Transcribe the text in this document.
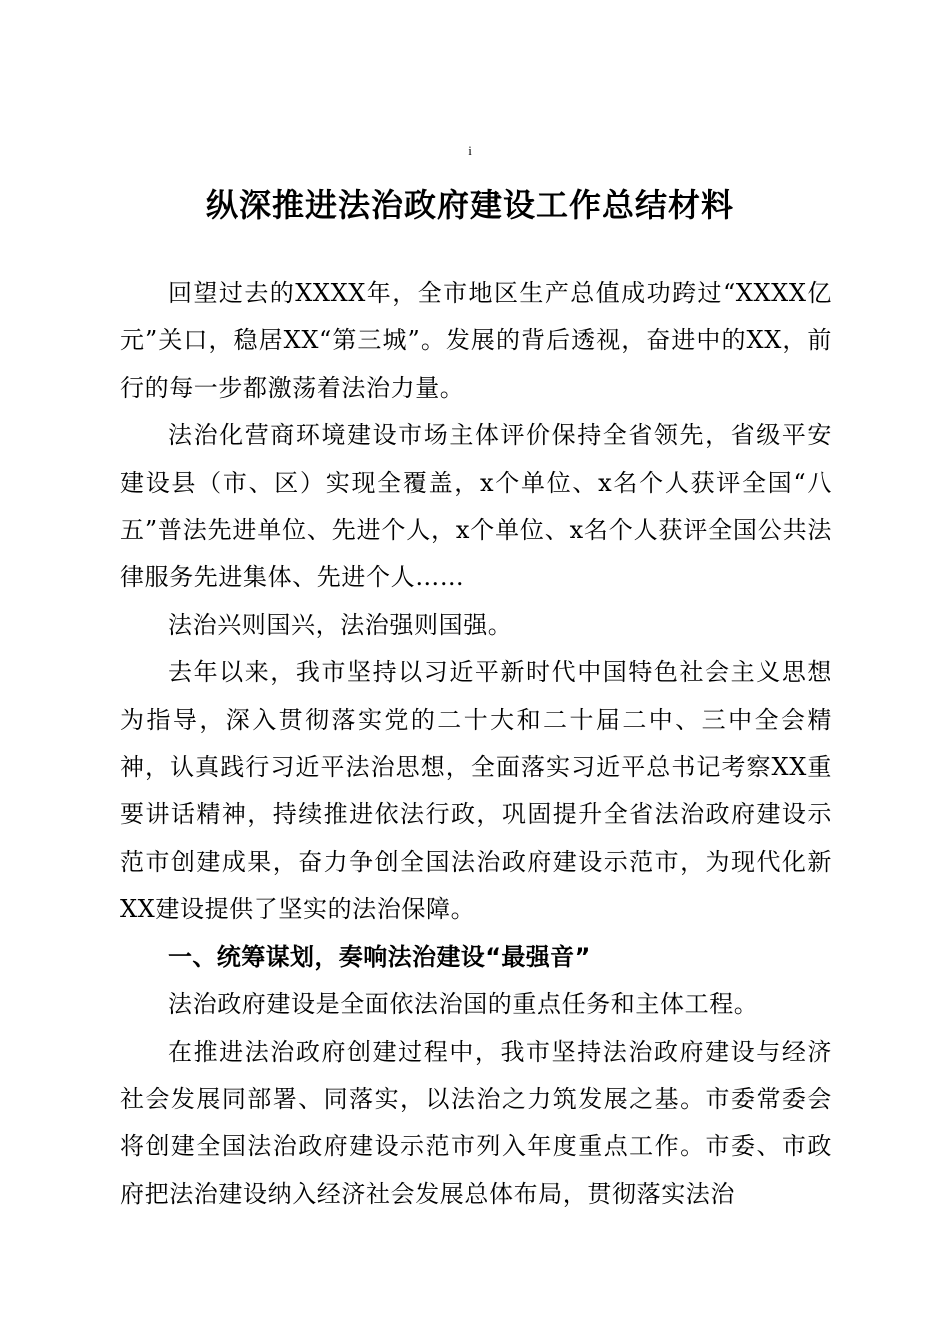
i
纵深推进法治政府建设工作总结材料

回望过去的XXXX年，全市地区生产总值成功跨过“XXXX亿元”关口，稳居XX“第三城”。发展的背后透视，奋进中的XX，前行的每一步都激荡着法治力量。

法治化营商环境建设市场主体评价保持全省领先，省级平安建设县（市、区）实现全覆盖，x个单位、x名个人获评全国“八五”普法先进单位、先进个人，x个单位、x名个人获评全国公共法律服务先进集体、先进个人……

法治兴则国兴，法治强则国强。

去年以来，我市坚持以习近平新时代中国特色社会主义思想为指导，深入贯彻落实党的二十大和二十届二中、三中全会精神，认真践行习近平法治思想，全面落实习近平总书记考察XX重要讲话精神，持续推进依法行政，巩固提升全省法治政府建设示范市创建成果，奋力争创全国法治政府建设示范市，为现代化新XX建设提供了坚实的法治保障。

一、统筹谋划，奏响法治建设“最强音”

法治政府建设是全面依法治国的重点任务和主体工程。

在推进法治政府创建过程中，我市坚持法治政府建设与经济社会发展同部署、同落实，以法治之力筑发展之基。市委常委会将创建全国法治政府建设示范市列入年度重点工作。市委、市政府把法治建设纳入经济社会发展总体布局，贯彻落实法治
